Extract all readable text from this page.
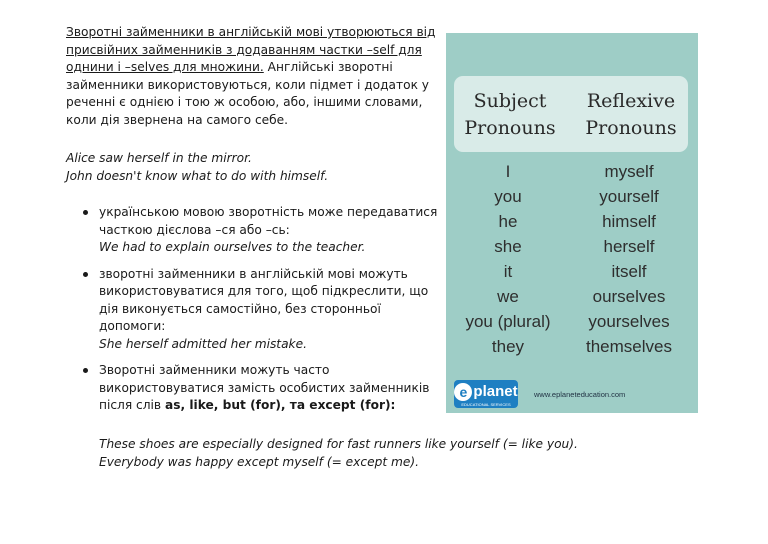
Зворотні займенники в англійській мові утворюються від присвійних займенників з додаванням частки –self для однини і –selves для множини. Англійські зворотні займенники використовуються, коли підмет і додаток у реченні є однією і тою ж особою, або, іншими словами, коли дія звернена на самого себе.

Alice saw herself in the mirror.
John doesn't know what to do with himself.
українською мовою зворотність може передаватися часткою дієслова –ся або –сь:
We had to explain ourselves to the teacher.
зворотні займенники в англійській мові можуть використовуватися для того, щоб підкреслити, що дія виконується самостійно, без сторонньої допомоги:
She herself admitted her mistake.
Зворотні займенники можуть часто використовуватися замість особистих займенників після слів as, like, but (for), та except (for):
These shoes are especially designed for fast runners like yourself (= like you).
Everybody was happy except myself (= except me).
Subject
Pronouns
Reflexive
Pronouns
I
you
he
she
it
we
you (plural)
they
myself
yourself
himself
herself
itself
ourselves
yourselves
themselves
e planet
EDUCATIONAL SERVICES
www.eplaneteducation.com
